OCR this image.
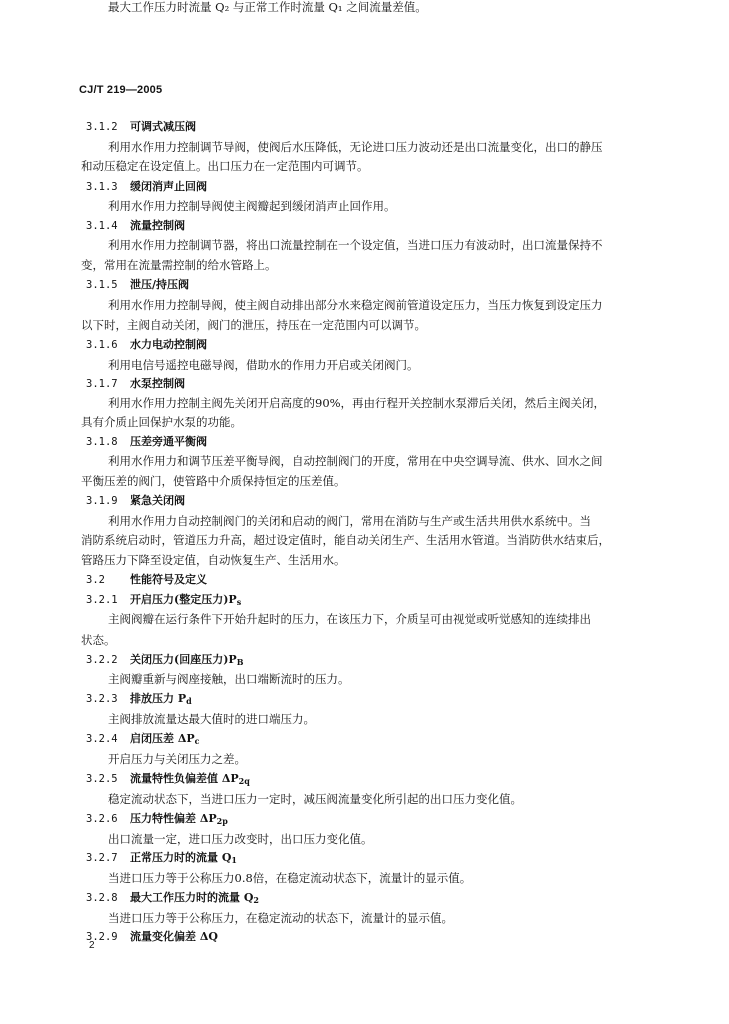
CJ/T 219—2005
3.1.2 可调式减压阀
利用水作用力控制调节导阀，使阀后水压降低，无论进口压力波动还是出口流量变化，出口的静压
和动压稳定在设定值上。出口压力在一定范围内可调节。
3.1.3 缓闭消声止回阀
利用水作用力控制导阀使主阀瓣起到缓闭消声止回作用。
3.1.4 流量控制阀
利用水作用力控制调节器，将出口流量控制在一个设定值，当进口压力有波动时，出口流量保持不
变，常用在流量需控制的给水管路上。
3.1.5 泄压/持压阀
利用水作用力控制导阀，使主阀自动排出部分水来稳定阀前管道设定压力，当压力恢复到设定压力
以下时，主阀自动关闭，阀门的泄压，持压在一定范围内可以调节。
3.1.6 水力电动控制阀
利用电信号遥控电磁导阀，借助水的作用力开启或关闭阀门。
3.1.7 水泵控制阀
利用水作用力控制主阀先关闭开启高度的90%，再由行程开关控制水泵滞后关闭，然后主阀关闭，
具有介质止回保护水泵的功能。
3.1.8 压差旁通平衡阀
利用水作用力和调节压差平衡导阀，自动控制阀门的开度，常用在中央空调导流、供水、回水之间
平衡压差的阀门，使管路中介质保持恒定的压差值。
3.1.9 紧急关闭阀
利用水作用力自动控制阀门的关闭和启动的阀门，常用在消防与生产或生活共用供水系统中。当
消防系统启动时，管道压力升高，超过设定值时，能自动关闭生产、生活用水管道。当消防供水结束后，
管路压力下降至设定值，自动恢复生产、生活用水。
3.2 性能符号及定义
3.2.1 开启压力(整定压力)$P_s$
主阀阀瓣在运行条件下开始升起时的压力，在该压力下，介质呈可由视觉或听觉感知的连续排出
状态。
3.2.2 关闭压力(回座压力)$P_B$
主阀瓣重新与阀座接触，出口端断流时的压力。
3.2.3 排放压力 $P_d$
主阀排放流量达最大值时的进口端压力。
3.2.4 启闭压差 $\Delta P_c$
开启压力与关闭压力之差。
3.2.5 流量特性负偏差值 $\Delta P_{2q}$
稳定流动状态下，当进口压力一定时，减压阀流量变化所引起的出口压力变化值。
3.2.6 压力特性偏差 $\Delta P_{2p}$
出口流量一定，进口压力改变时，出口压力变化值。
3.2.7 正常压力时的流量 $Q_1$
当进口压力等于公称压力0.8倍，在稳定流动状态下，流量计的显示值。
3.2.8 最大工作压力时的流量 $Q_2$
当进口压力等于公称压力，在稳定流动的状态下，流量计的显示值。
3.2.9 流量变化偏差 ΔQ
最大工作压力时流量 Q₂ 与正常工作时流量 Q₁ 之间流量差值。
2
